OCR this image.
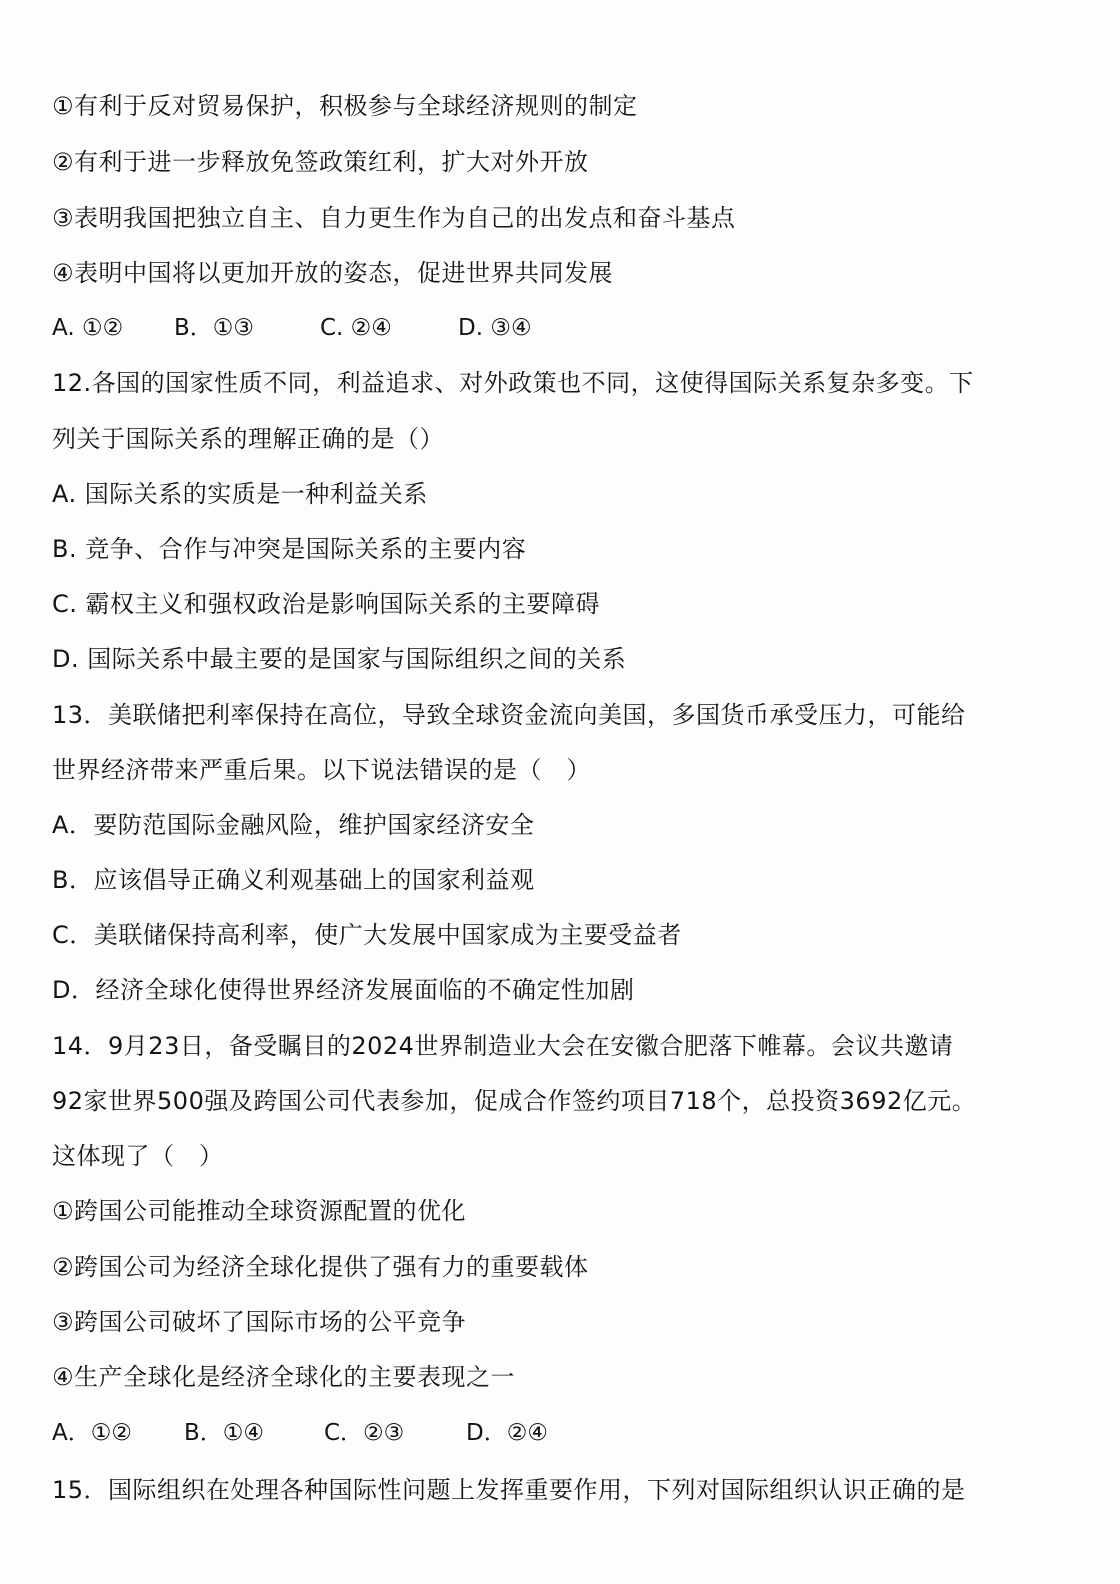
①有利于反对贸易保护，积极参与全球经济规则的制定
②有利于进一步释放免签政策红利，扩大对外开放
③表明我国把独立自主、自力更生作为自己的出发点和奋斗基点
④表明中国将以更加开放的姿态，促进世界共同发展
A. ①② B．①③	C. ②④	D. ③④
12.各国的国家性质不同，利益追求、对外政策也不同，这使得国际关系复杂多变。下
列关于国际关系的理解正确的是（）
A. 国际关系的实质是一种利益关系
B. 竞争、合作与冲突是国际关系的主要内容
C. 霸权主义和强权政治是影响国际关系的主要障碍
D. 国际关系中最主要的是国家与国际组织之间的关系
13．美联储把利率保持在高位，导致全球资金流向美国，多国货币承受压力，可能给
世界经济带来严重后果。以下说法错误的是（　）
A．要防范国际金融风险，维护国家经济安全
B．应该倡导正确义利观基础上的国家利益观
C．美联储保持高利率，使广大发展中国家成为主要受益者
D．经济全球化使得世界经济发展面临的不确定性加剧
14．9月23日，备受瞩目的2024世界制造业大会在安徽合肥落下帷幕。会议共邀请
92家世界500强及跨国公司代表参加，促成合作签约项目718个，总投资3692亿元。
这体现了（　）
①跨国公司能推动全球资源配置的优化
②跨国公司为经济全球化提供了强有力的重要载体
③跨国公司破坏了国际市场的公平竞争
④生产全球化是经济全球化的主要表现之一
A．①② B．①④	C．②③	D．②④
15．国际组织在处理各种国际性问题上发挥重要作用，下列对国际组织认识正确的是
